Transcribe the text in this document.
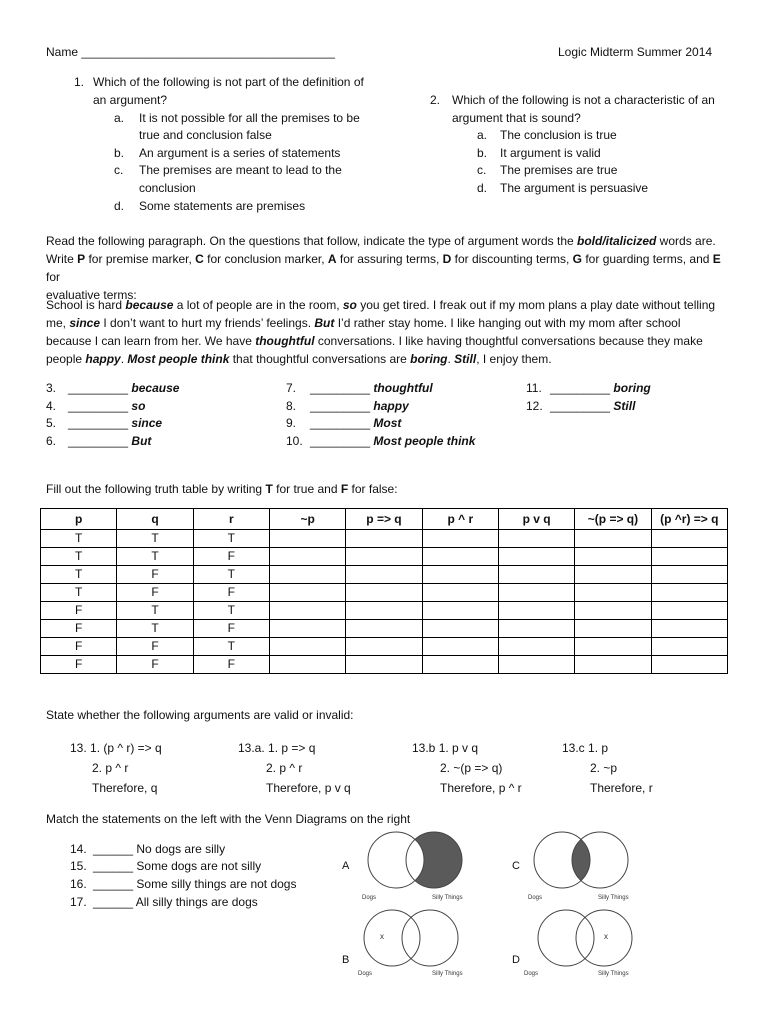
Name ______________________________________	Logic Midterm Summer 2014
1. Which of the following is not part of the definition of
an argument?
a. It is not possible for all the premises to be
true and conclusion false
b. An argument is a series of statements
c. The premises are meant to lead to the
conclusion
d. Some statements are premises
2. Which of the following is not a characteristic of an
argument that is sound?
a. The conclusion is true
b. It argument is valid
c. The premises are true
d. The argument is persuasive
Read the following paragraph. On the questions that follow, indicate the type of argument words the bold/italicized words are.
Write P for premise marker, C for conclusion marker, A for assuring terms, D for discounting terms, G for guarding terms, and E for
evaluative terms:
School is hard because a lot of people are in the room, so you get tired. I freak out if my mom plans a play date without telling me, since I don’t want to hurt my friends’ feelings. But I’d rather stay home. I like hanging out with my mom after school because I can learn from her. We have thoughtful conversations. I like having thoughtful conversations because they make people happy. Most people think that thoughtful conversations are boring. Still, I enjoy them.
3. _________ because
4. _________ so
5. _________ since
6. _________ But
7. _________ thoughtful
8. _________ happy
9. _________ Most
10. _________ Most people think
11. _________ boring
12. _________ Still
Fill out the following truth table by writing T for true and F for false:
p	q	r	~p	p => q	p ^ r	p v q	~(p => q)	(p ^r) => q
T	T	T						
T	T	F						
T	F	T						
T	F	F						
F	T	T						
F	T	F						
F	F	T						
F	F	F						
State whether the following arguments are valid or invalid:
13. 1. (p ^ r) => q
2. p ^ r
Therefore, q
13.a. 1. p => q
2. p ^ r
Therefore, p v q
13.b 1. p v q
2. ~(p => q)
Therefore, p ^ r
13.c 1. p
2. ~p
Therefore, r
Match the statements on the left with the Venn Diagrams on the right
14. ______ No dogs are silly
15. ______ Some dogs are not silly
16. ______ Some silly things are not dogs
17. ______ All silly things are dogs
A
Dogs	Silly Things
C
Dogs	Silly Things
B
x
Dogs	Silly Things
D
x
Dogs	Silly Things
